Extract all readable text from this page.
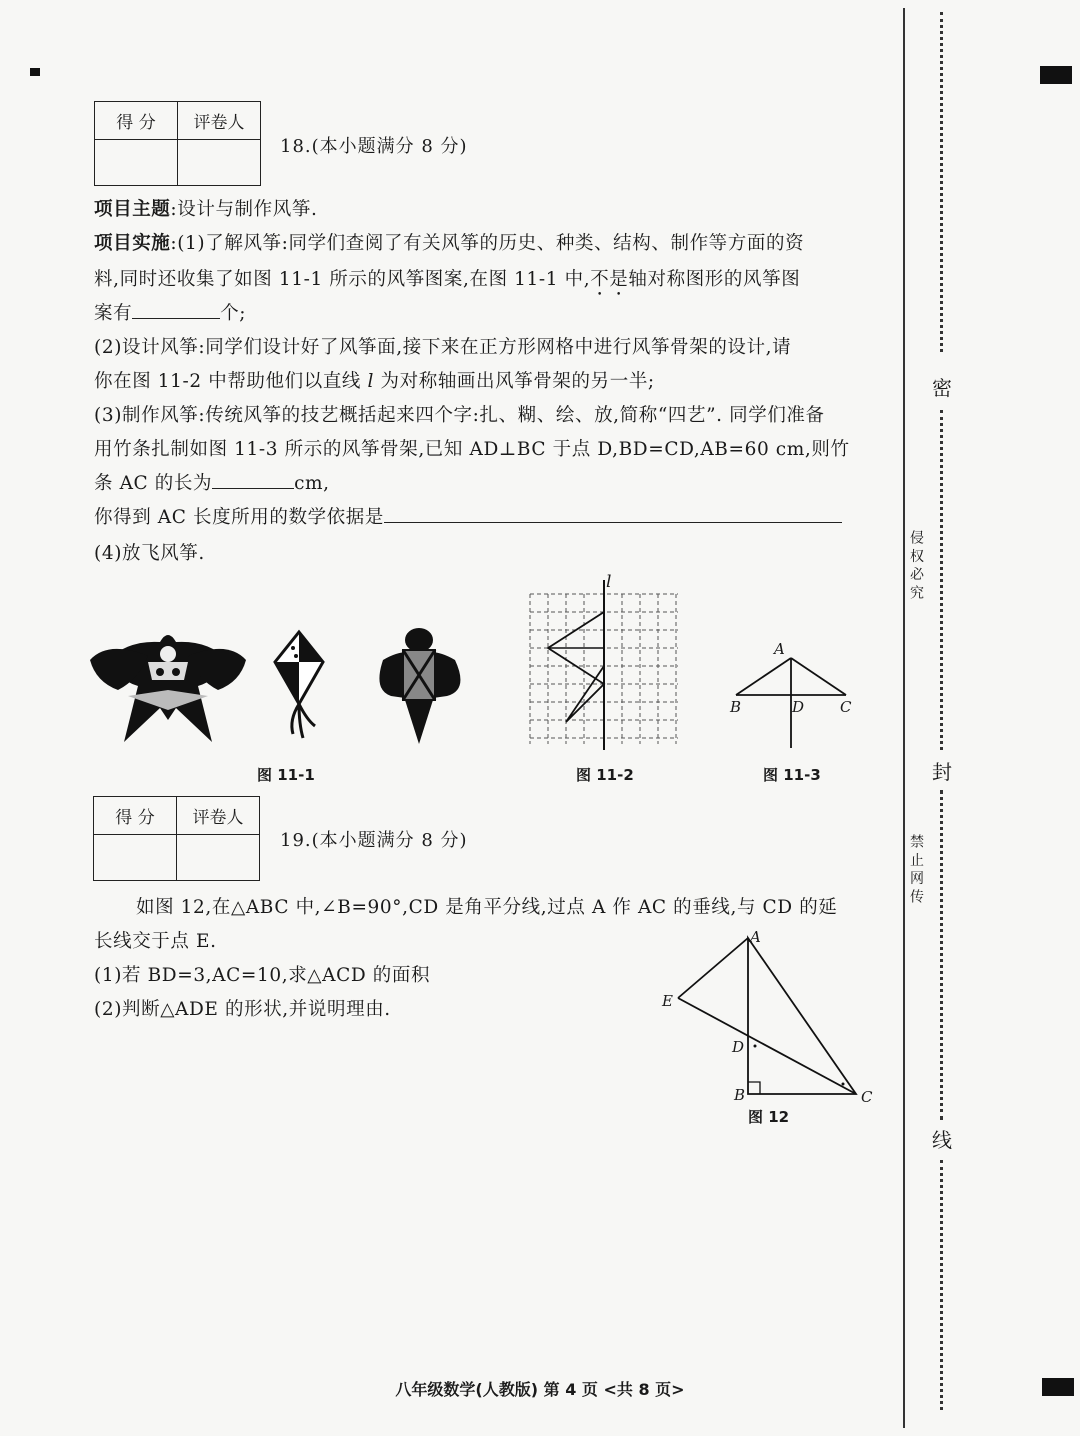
得 分	评卷人

18.(本小题满分 8 分)
项目主题:设计与制作风筝.
项目实施:(1)了解风筝:同学们查阅了有关风筝的历史、种类、结构、制作等方面的资
料,同时还收集了如图 11-1 所示的风筝图案,在图 11-1 中,不是轴对称图形的风筝图
案有	个;
(2)设计风筝:同学们设计好了风筝面,接下来在正方形网格中进行风筝骨架的设计,请
你在图 11-2 中帮助他们以直线 l 为对称轴画出风筝骨架的另一半;
(3)制作风筝:传统风筝的技艺概括起来四个字:扎、糊、绘、放,简称“四艺”. 同学们准备
用竹条扎制如图 11-3 所示的风筝骨架,已知 AD⊥BC 于点 D,BD=CD,AB=60 cm,则竹
条 AC 的长为	cm,
你得到 AC 长度所用的数学依据是
(4)放飞风筝.
图 11-1
l
图 11-2
A
B	C
D
图 11-3
得 分	评卷人

19.(本小题满分 8 分)
如图 12,在△ABC 中,∠B=90°,CD 是角平分线,过点 A 作 AC 的垂线,与 CD 的延
长线交于点 E.
(1)若 BD=3,AC=10,求△ACD 的面积
(2)判断△ADE 的形状,并说明理由.
A
E
D
B	C
图 12
密
封
线
侵 权 必 究
禁 止 网 传
八年级数学(人教版) 第 4 页 <共 8 页>
